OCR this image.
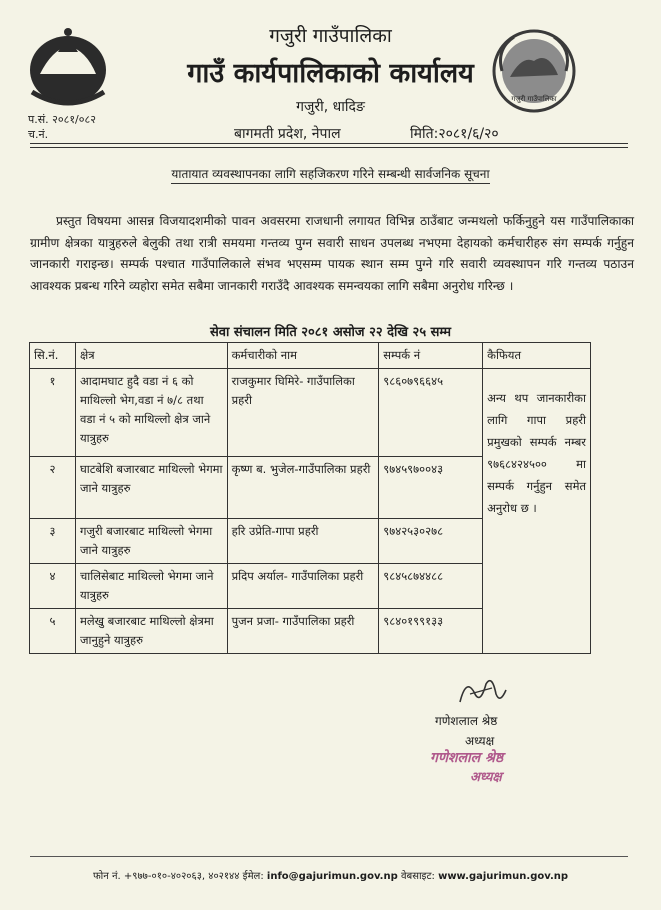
गजुरी गाउँपालिका
गजुरी गाउँपालिका
गाउँ कार्यपालिकाको कार्यालय
गजुरी, धादिङ
बागमती प्रदेश, नेपाल
प.सं. २०८१/०८२
च.नं.	मिति:२०८१/६/२०
यातायात व्यवस्थापनका लागि सहजिकरण गरिने सम्बन्धी सार्वजनिक सूचना

प्रस्तुत विषयमा आसन्न विजयादशमीको पावन अवसरमा राजधानी लगायत विभिन्न ठाउँबाट जन्मथलो फर्किनुहुने यस गाउँपालिकाका ग्रामीण क्षेत्रका यात्रुहरुले बेलुकी तथा रात्री समयमा गन्तव्य पुग्न सवारी साधन उपलब्ध नभएमा देहायको कर्मचारीहरु संग सम्पर्क गर्नुहुन जानकारी गराइन्छ। सम्पर्क पश्चात गाउँपालिकाले संभव भएसम्म पायक स्थान सम्म पुग्ने गरि सवारी व्यवस्थापन गरि गन्तव्य पठाउन आवश्यक प्रबन्ध गरिने व्यहोरा समेत सबैमा जानकारी गराउँदै आवश्यक समन्वयका लागि सबैमा अनुरोध गरिन्छ ।

सेवा संचालन मिति २०८१ असोज २२ देखि २५ सम्म
सि.नं.	क्षेत्र	कर्मचारीको नाम	सम्पर्क नं	कैफियत
१	आदामघाट हुदै वडा नं ६ को माथिल्लो भेग,वडा नं ७/८ तथा वडा नं ५ को माथिल्लो क्षेत्र जाने यात्रुहरु	राजकुमार घिमिरे- गाउँपालिका प्रहरी	९८६०७९६६४५	अन्य थप जानकारीका लागि गापा प्रहरी प्रमुखको सम्पर्क नम्बर ९७६८४२४५०० मा सम्पर्क गर्नुहुन समेत अनुरोध छ ।
२	घाटबेशि बजारबाट माथिल्लो भेगमा जाने यात्रुहरु	कृष्ण ब. भुजेल-गाउँपालिका प्रहरी	९७४५९७००४३	
३	गजुरी बजारबाट माथिल्लो भेगमा जाने यात्रुहरु	हरि उप्रेति-गापा प्रहरी	९७४२५३०२७८	
४	चालिसेबाट माथिल्लो भेगमा जाने यात्रुहरु	प्रदिप अर्याल- गाउँपालिका प्रहरी	९८४५८७४४८८	
५	मलेखु बजारबाट माथिल्लो क्षेत्रमा जानुहुने यात्रुहरु	पुजन प्रजा- गाउँपालिका प्रहरी	९८४०१९९१३३	
गणेशलाल श्रेष्ठ
अध्यक्ष
गणेशलाल श्रेष्ठ
अध्यक्ष
फोन नं. +९७७-०१०-४०२०६३, ४०२१४४ ईमेल: info@gajurimun.gov.np वेबसाइट: www.gajurimun.gov.np
